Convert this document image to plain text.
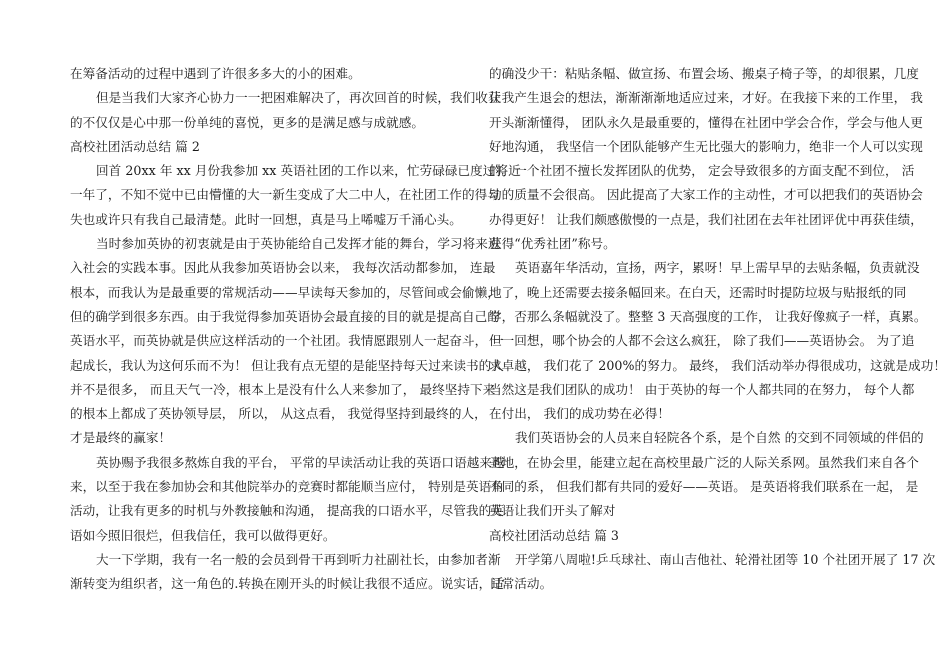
在筹备活动的过程中遇到了许很多多大的小的困难。
但是当我们大家齐心协力一一把困难解决了，再次回首的时候，我们收获
的不仅仅是心中那一份单纯的喜悦，更多的是满足感与成就感。
高校社团活动总结 篇 2
回首 20xx 年 xx 月份我参加 xx 英语社团的工作以来，忙劳碌碌已度过将近
一年了，不知不觉中已由懵懂的大一新生变成了大二中人，在社团工作的得与
失也或许只有我自己最清楚。此时一回想，真是马上唏嘘万千涌心头。
当时参加英协的初衷就是由于英协能给自己发挥才能的舞台，学习将来进
入社会的实践本事。因此从我参加英语协会以来， 我每次活动都参加， 连最
根本，而我认为是最重要的常规活动——早读每天参加的，尽管间或会偷懒，
但的确学到很多东西。由于我觉得参加英语协会最直接的目的就是提高自己的
英语水平，而英协就是供应这样活动的一个社团。我情愿跟别人一起奋斗， 一
起成长，我认为这何乐而不为！ 但让我有点无望的是能坚持每天过来读书的人
并不是很多， 而且天气一冷，根本上是没有什么人来参加了， 最终坚持下来
的根本上都成了英协领导层， 所以， 从这点看， 我觉得坚持到最终的人，
才是最终的赢家！
英协赐予我很多熬炼自我的平台， 平常的早读活动让我的英语口语越来越
来，以至于我在参加协会和其他院举办的竞赛时都能顺当应付， 特别是英语角
活动，让我有更多的时机与外教接触和沟通， 提高我的口语水平，尽管我的英
语如今照旧很烂，但我信任，我可以做得更好。
大一下学期，我有一名一般的会员到骨干再到听力社副社长，由参加者渐
渐转变为组织者，这一角色的.转换在刚开头的时候让我很不适应。说实话，适
的确没少干：粘贴条幅、做宣扬、布置会场、搬桌子椅子等，的却很累，几度
让我产生退会的想法，渐渐渐渐地适应过来，才好。在我接下来的工作里， 我
开头渐渐懂得， 团队永久是最重要的，懂得在社团中学会合作，学会与他人更
好地沟通， 我坚信一个团队能够产生无比强大的影响力，绝非一个人可以实现
的。一个社团不擅长发挥团队的优势， 定会导致很多的方面支配不到位， 活
动的质量不会很高。 因此提高了大家工作的主动性，才可以把我们的英语协会
办得更好！ 让我们颇感傲慢的一点是，我们社团在去年社团评优中再获佳绩，
获得“优秀社团”称号。
英语嘉年华活动，宣扬，两字，累呀！早上需早早的去贴条幅，负责就没
地了，晚上还需要去接条幅回来。在白天，还需时时提防垃圾与贴报纸的同
学，否那么条幅就没了。整整 3 天高强度的工作， 让我好像疯子一样，真累。
但一回想，哪个协会的人都不会这么疯狂， 除了我们——英语协会。 为了追
求卓越， 我们花了 200%的努力。 最终， 我们活动举办得很成功，这就是成功！
当然这是我们团队的成功！ 由于英协的每一个人都共同的在努力， 每个人都
在付出， 我们的成功势在必得！
我们英语协会的人员来自轻院各个系，是个自然 的交到不同领域的伴侣的
圣地，在协会里，能建立起在高校里最广泛的人际关系网。虽然我们来自各个
不同的系， 但我们都有共同的爱好——英语。 是英语将我们联系在一起， 是
英语让我们开头了解对
高校社团活动总结 篇 3
开学第八周啦!乒乓球社、南山吉他社、轮滑社团等 10 个社团开展了 17 次
日常活动。
